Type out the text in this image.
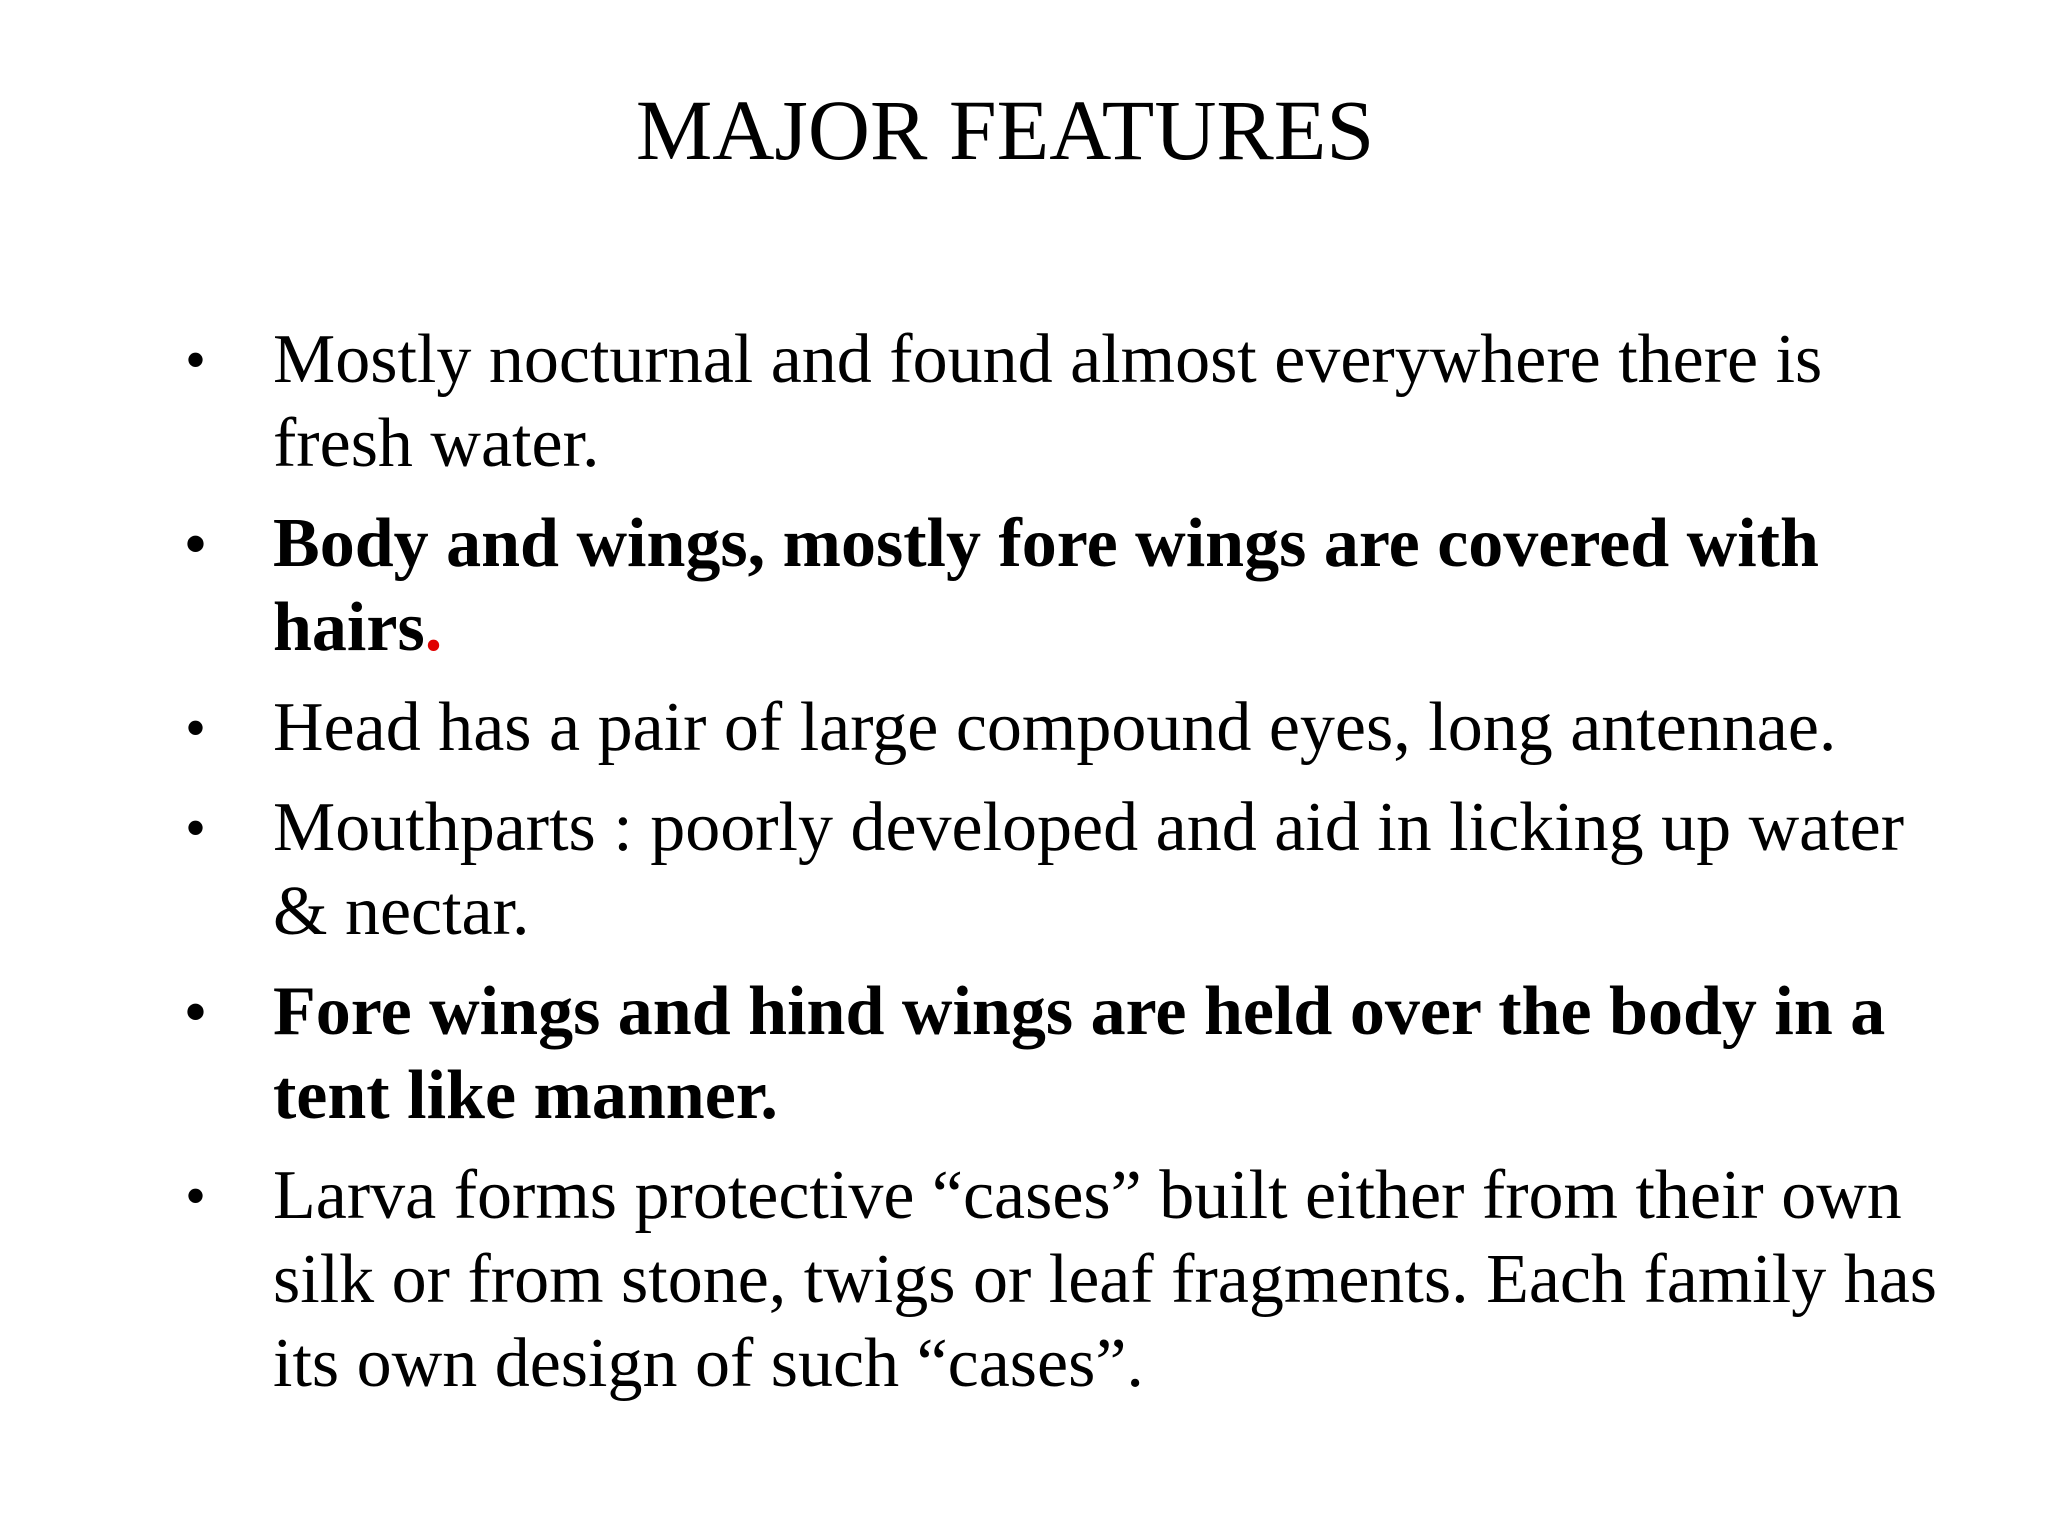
MAJOR FEATURES
• Mostly nocturnal and found almost everywhere there is fresh water.
• Body and wings, mostly fore wings are covered with hairs.
• Head has a pair of large compound eyes, long antennae.
• Mouthparts : poorly developed and aid in licking up water & nectar.
• Fore wings and hind wings are held over the body in a tent like manner.
• Larva forms protective “cases” built either from their own silk or from stone, twigs or leaf fragments. Each family has its own design of such “cases”.
